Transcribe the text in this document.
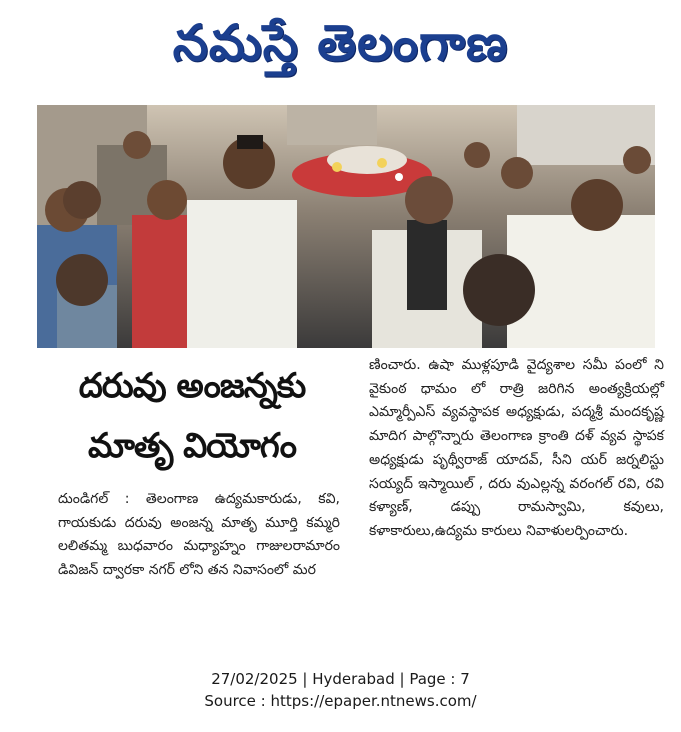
నమస్తే తెలంగాణ
దరువు అంజన్నకు
మాతృ వియోగం
దుండిగల్ : తెలంగాణ ఉద్యమకారుడు, కవి, గాయకుడు దరువు అంజన్న మాతృ మూర్తి కమ్మరి లలితమ్మ బుధవారం మధ్యాహ్నం గాజులరామారం డివిజన్ ద్వారకా నగర్ లోని తన నివాసంలో మర
ణించారు. ఉషా ముళ్లపూడి వైద్యశాల సమీ పంలో ని వైకుంఠ ధామం లో రాత్రి జరిగిన అంత్యక్రియల్లో ఎమ్మార్పీఎస్ వ్యవస్థాపక అధ్యక్షుడు, పద్మశ్రీ మందకృష్ణ మాదిగ పాల్గొన్నారు తెలంగాణ క్రాంతి దళ్ వ్యవ స్థాపక అధ్యక్షుడు పృథ్వీరాజ్ యాదవ్, సీని యర్ జర్నలిస్టు సయ్యద్ ఇస్మాయిల్ , దరు వుఎల్లన్న వరంగల్ రవి, రవి కళ్యాణ్, డప్పు రామస్వామి, కవులు, కళాకారులు,ఉద్యమ కారులు నివాళులర్పించారు.
27/02/2025 | Hyderabad | Page : 7
Source : https://epaper.ntnews.com/
